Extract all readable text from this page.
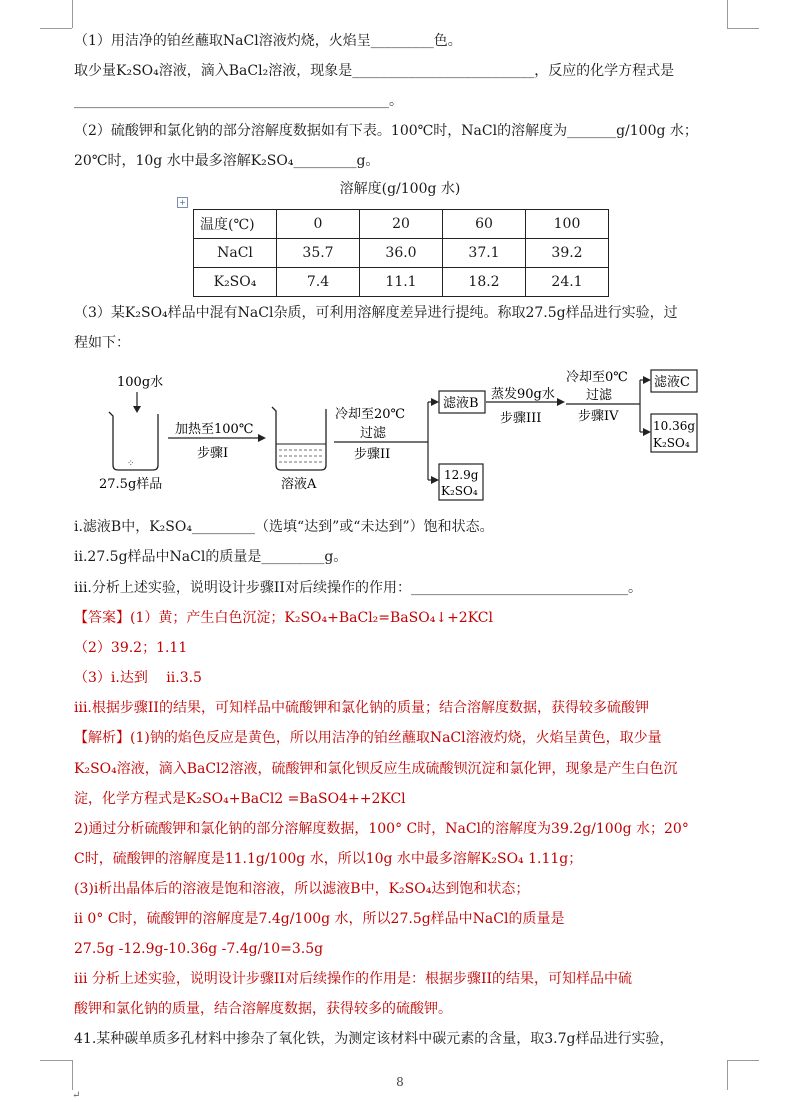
（1）用洁净的铂丝蘸取NaCl溶液灼烧，火焰呈_________色。
取少量K₂SO₄溶液，滴入BaCl₂溶液，现象是__________________________，反应的化学方程式是
_____________________________________________。
（2）硫酸钾和氯化钠的部分溶解度数据如有下表。100℃时，NaCl的溶解度为_______g/100g 水；
20℃时，10g 水中最多溶解K₂SO₄_________g。
溶解度(g/100g 水)
+
温度(℃)	0	20	60	100
NaCl	35.7	36.0	37.1	39.2
K₂SO₄	7.4	11.1	18.2	24.1
（3）某K₂SO₄样品中混有NaCl杂质，可利用溶解度差异进行提纯。称取27.5g样品进行实验，过
程如下：
100g水
⁘
27.5g样品
加热至100℃
步骤I
溶液A
冷却至20℃
过滤
步骤II
滤液B
12.9g
K₂SO₄
蒸发90g水
步骤III
冷却至0℃
过滤
步骤IV
滤液C
10.36g
K₂SO₄
i.滤液B中，K₂SO₄_________（选填“达到”或“未达到”）饱和状态。
ii.27.5g样品中NaCl的质量是_________g。
iii.分析上述实验，说明设计步骤II对后续操作的作用：_______________________________。
【答案】(1）黄；产生白色沉淀；K₂SO₄+BaCl₂=BaSO₄↓+2KCl
（2）39.2；1.11
（3）i.达到　 ii.3.5
iii.根据步骤II的结果，可知样品中硫酸钾和氯化钠的质量；结合溶解度数据，获得较多硫酸钾
【解析】(1)钠的焰色反应是黄色，所以用洁净的铂丝蘸取NaCl溶液灼烧，火焰呈黄色，取少量
K₂SO₄溶液，滴入BaCl2溶液，硫酸钾和氯化钡反应生成硫酸钡沉淀和氯化钾，现象是产生白色沉
淀，化学方程式是K₂SO₄+BaCl2 =BaSO4++2KCl
2)通过分析硫酸钾和氯化钠的部分溶解度数据，100° C时，NaCl的溶解度为39.2g/100g 水；20°
C时，硫酸钾的溶解度是11.1g/100g 水，所以10g 水中最多溶解K₂SO₄ 1.11g；
(3)i析出晶体后的溶液是饱和溶液，所以滤液B中，K₂SO₄达到饱和状态；
ii 0° C时，硫酸钾的溶解度是7.4g/100g 水，所以27.5g样品中NaCl的质量是
27.5g -12.9g-10.36g -7.4g/10=3.5g
iii 分析上述实验，说明设计步骤II对后续操作的作用是：根据步骤II的结果，可知样品中硫
酸钾和氯化钠的质量，结合溶解度数据，获得较多的硫酸钾。
41.某种碳单质多孔材料中掺杂了氧化铁，为测定该材料中碳元素的含量，取3.7g样品进行实验，
8
↵
